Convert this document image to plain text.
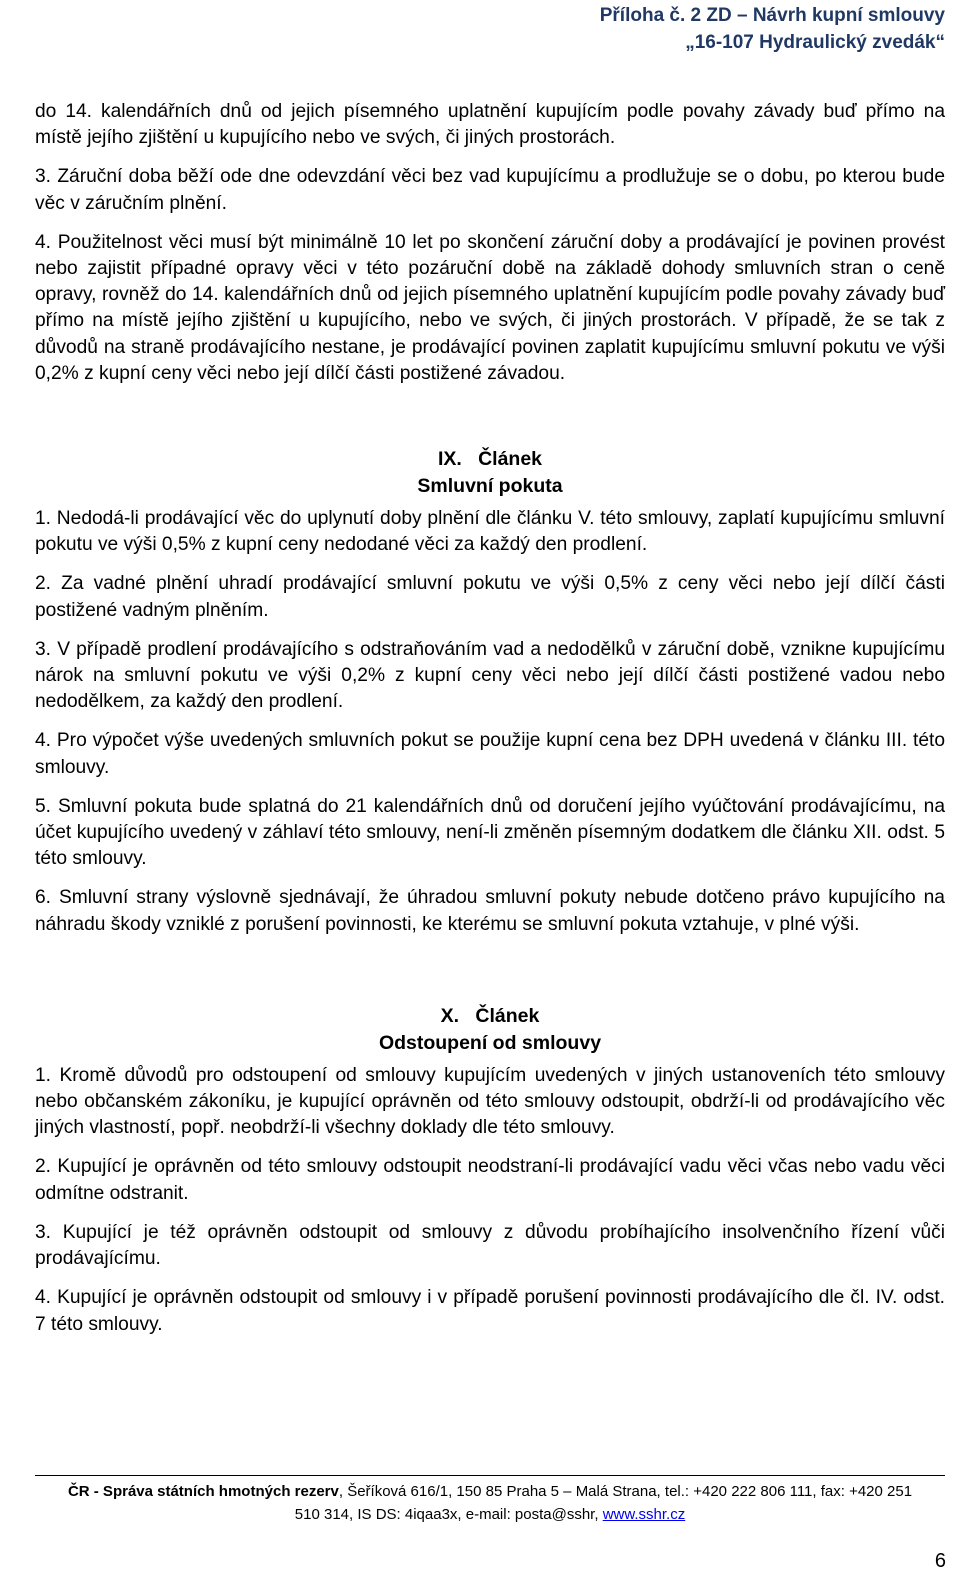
Příloha č. 2 ZD – Návrh kupní smlouvy
„16-107 Hydraulický zvedák“

do 14. kalendářních dnů od jejich písemného uplatnění kupujícím podle povahy závady buď přímo na místě jejího zjištění u kupujícího nebo ve svých, či jiných prostorách.

3. Záruční doba běží ode dne odevzdání věci bez vad kupujícímu a prodlužuje se o dobu, po kterou bude věc v záručním plnění.

4. Použitelnost věci musí být minimálně 10 let po skončení záruční doby a prodávající je povinen provést nebo zajistit případné opravy věci v této pozáruční době na základě dohody smluvních stran o ceně opravy, rovněž do 14. kalendářních dnů od jejich písemného uplatnění kupujícím podle povahy závady buď přímo na místě jejího zjištění u kupujícího, nebo ve svých, či jiných prostorách. V případě, že se tak z důvodů na straně prodávajícího nestane, je prodávající povinen zaplatit kupujícímu smluvní pokutu ve výši 0,2% z kupní ceny věci nebo její dílčí části postižené závadou.

IX. Článek
Smluvní pokuta

1. Nedodá-li prodávající věc do uplynutí doby plnění dle článku V. této smlouvy, zaplatí kupujícímu smluvní pokutu ve výši 0,5% z kupní ceny nedodané věci za každý den prodlení.

2. Za vadné plnění uhradí prodávající smluvní pokutu ve výši 0,5% z ceny věci nebo její dílčí části postižené vadným plněním.

3. V případě prodlení prodávajícího s odstraňováním vad a nedodělků v záruční době, vznikne kupujícímu nárok na smluvní pokutu ve výši 0,2% z kupní ceny věci nebo její dílčí části postižené vadou nebo nedodělkem, za každý den prodlení.

4. Pro výpočet výše uvedených smluvních pokut se použije kupní cena bez DPH uvedená v článku III. této smlouvy.

5. Smluvní pokuta bude splatná do 21 kalendářních dnů od doručení jejího vyúčtování prodávajícímu, na účet kupujícího uvedený v záhlaví této smlouvy, není-li změněn písemným dodatkem dle článku XII. odst. 5 této smlouvy.

6. Smluvní strany výslovně sjednávají, že úhradou smluvní pokuty nebude dotčeno právo kupujícího na náhradu škody vzniklé z porušení povinnosti, ke kterému se smluvní pokuta vztahuje, v plné výši.

X. Článek
Odstoupení od smlouvy

1. Kromě důvodů pro odstoupení od smlouvy kupujícím uvedených v jiných ustanoveních této smlouvy nebo občanském zákoníku, je kupující oprávněn od této smlouvy odstoupit, obdrží-li od prodávajícího věc jiných vlastností, popř. neobdrží-li všechny doklady dle této smlouvy.

2. Kupující je oprávněn od této smlouvy odstoupit neodstraní-li prodávající vadu věci včas nebo vadu věci odmítne odstranit.

3. Kupující je též oprávněn odstoupit od smlouvy z důvodu probíhajícího insolvenčního řízení vůči prodávajícímu.

4. Kupující je oprávněn odstoupit od smlouvy i v případě porušení povinnosti prodávajícího dle čl. IV. odst. 7 této smlouvy.

ČR - Správa státních hmotných rezerv, Šeříková 616/1, 150 85 Praha 5 – Malá Strana, tel.: +420 222 806 111, fax: +420 251
510 314, IS DS: 4iqaa3x, e-mail: posta@sshr, www.sshr.cz
6
